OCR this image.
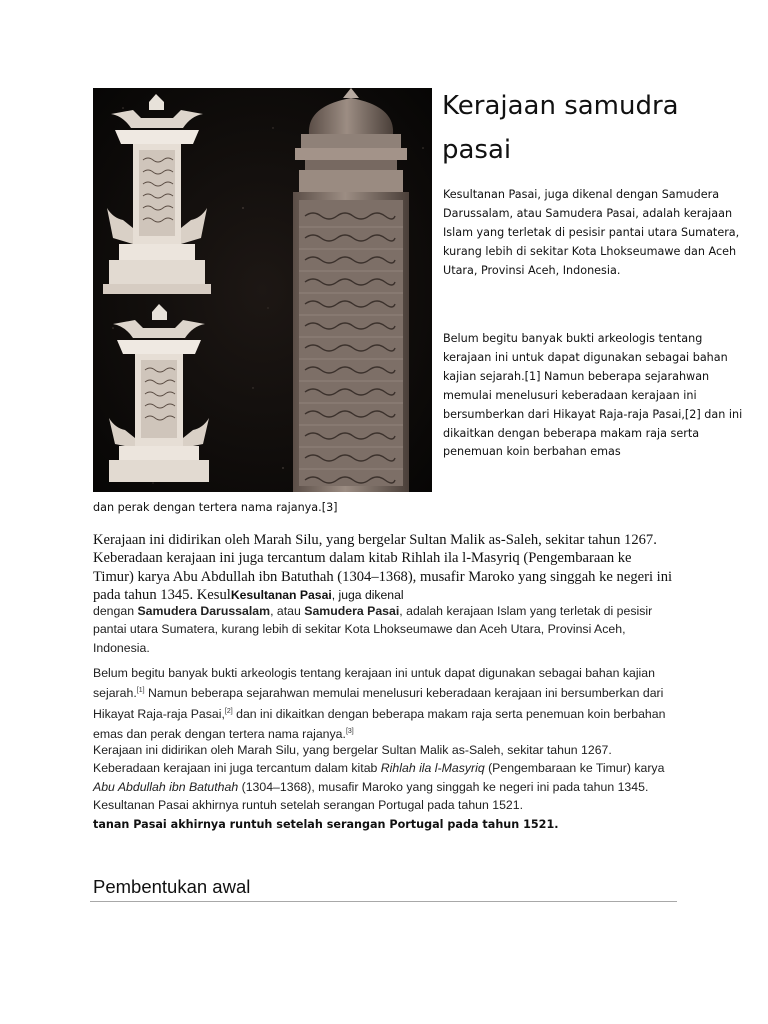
Kerajaan samudra pasai

Kesultanan Pasai, juga dikenal dengan Samudera Darussalam, atau Samudera Pasai, adalah kerajaan Islam yang terletak di pesisir pantai utara Sumatera, kurang lebih di sekitar Kota Lhokseumawe dan Aceh Utara, Provinsi Aceh, Indonesia.

Belum begitu banyak bukti arkeologis tentang kerajaan ini untuk dapat digunakan sebagai bahan kajian sejarah.[1] Namun beberapa sejarahwan memulai menelusuri keberadaan kerajaan ini bersumberkan dari Hikayat Raja-raja Pasai,[2] dan ini dikaitkan dengan beberapa makam raja serta penemuan koin berbahan emas

dan perak dengan tertera nama rajanya.[3]

Kerajaan ini didirikan oleh Marah Silu, yang bergelar Sultan Malik as-Saleh, sekitar tahun 1267. Keberadaan kerajaan ini juga tercantum dalam kitab Rihlah ila l-Masyriq (Pengembaraan ke Timur) karya Abu Abdullah ibn Batuthah (1304–1368), musafir Maroko yang singgah ke negeri ini pada tahun 1345. KesulKesultanan Pasai, juga dikenal

dengan Samudera Darussalam, atau Samudera Pasai, adalah kerajaan Islam yang terletak di pesisir pantai utara Sumatera, kurang lebih di sekitar Kota Lhokseumawe dan Aceh Utara, Provinsi Aceh, Indonesia.

Belum begitu banyak bukti arkeologis tentang kerajaan ini untuk dapat digunakan sebagai bahan kajian sejarah.[1] Namun beberapa sejarahwan memulai menelusuri keberadaan kerajaan ini bersumberkan dari Hikayat Raja-raja Pasai,[2] dan ini dikaitkan dengan beberapa makam raja serta penemuan koin berbahan emas dan perak dengan tertera nama rajanya.[3]

Kerajaan ini didirikan oleh Marah Silu, yang bergelar Sultan Malik as-Saleh, sekitar tahun 1267. Keberadaan kerajaan ini juga tercantum dalam kitab Rihlah ila l-Masyriq (Pengembaraan ke Timur) karya Abu Abdullah ibn Batuthah (1304–1368), musafir Maroko yang singgah ke negeri ini pada tahun 1345. Kesultanan Pasai akhirnya runtuh setelah serangan Portugal pada tahun 1521.

tanan Pasai akhirnya runtuh setelah serangan Portugal pada tahun 1521.

Pembentukan awal
